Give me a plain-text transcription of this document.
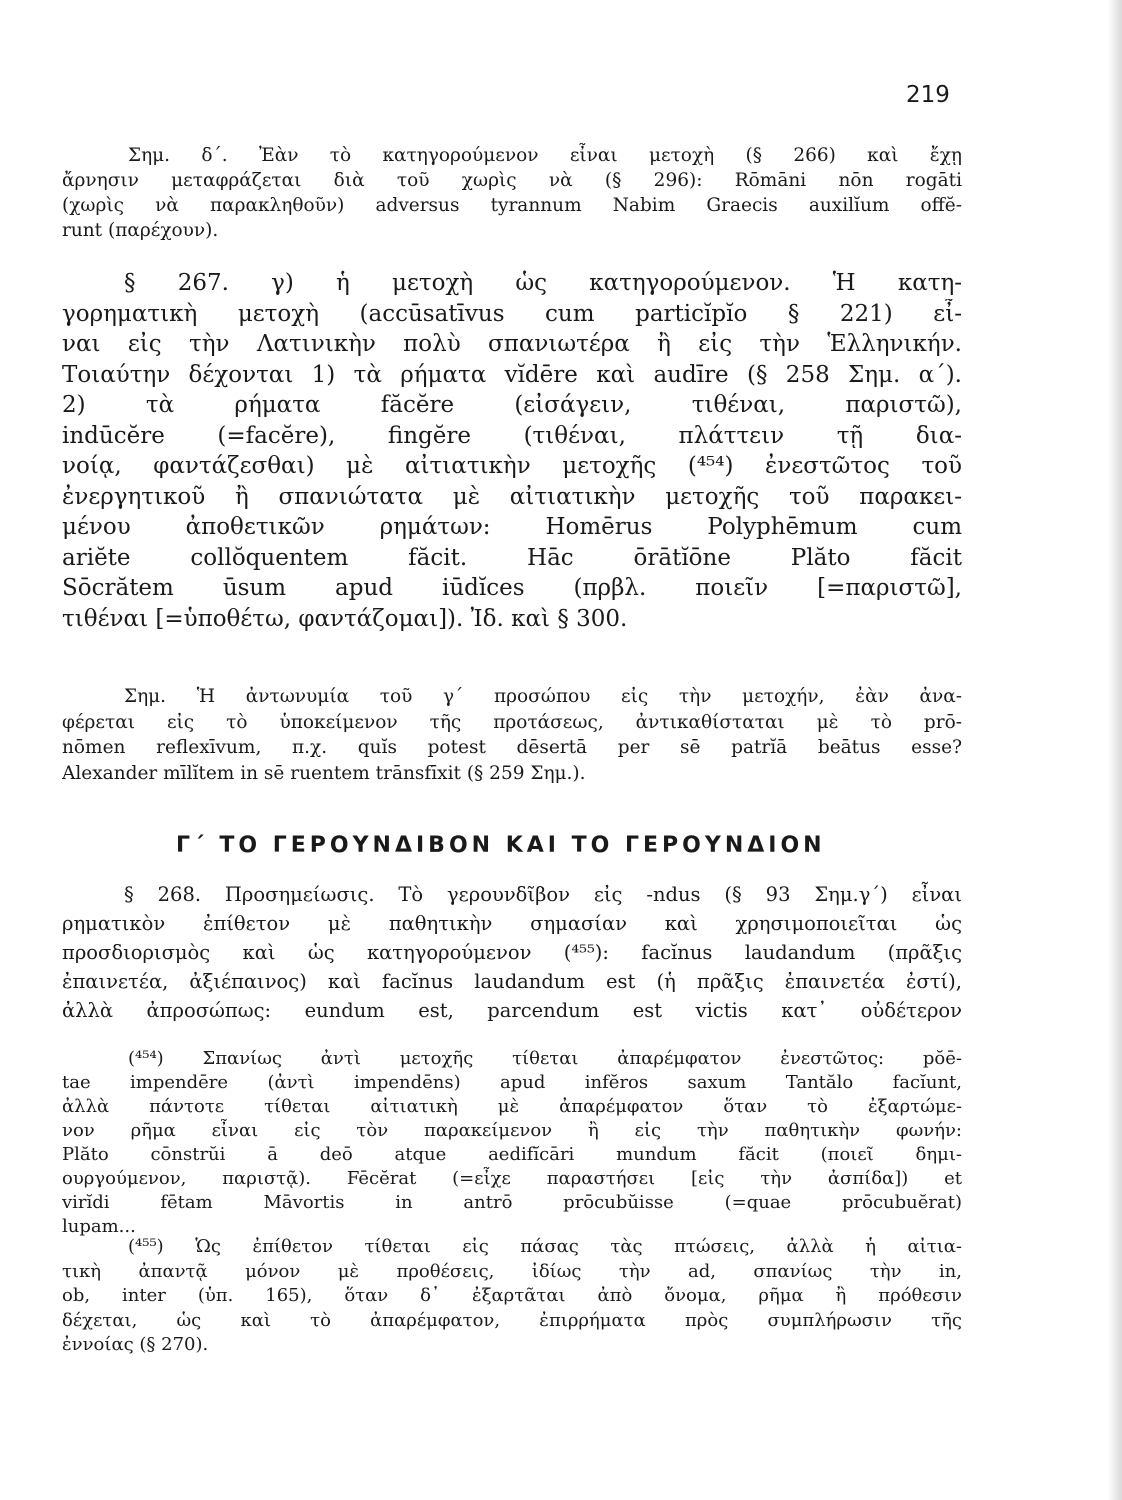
219
Σημ. δ΄. Ἐὰν τὸ κατηγορούμενον εἶναι μετοχὴ (§ 266) καὶ ἔχῃ
ἄρνησιν μεταφράζεται διὰ τοῦ χωρὶς νὰ (§ 296): Rōmāni nōn rogāti
(χωρὶς νὰ παρακληθοῦν) adversus tyrannum Nabim Graecis auxilĭum offĕ-
runt (παρέχουν).
§ 267. γ) ἡ μετοχὴ ὡς κατηγορούμενον. Ἡ κατη-
γορηματικὴ μετοχὴ (accūsatīvus cum particĭpĭo § 221) εἶ-
ναι εἰς τὴν Λατινικὴν πολὺ σπανιωτέρα ἢ εἰς τὴν Ἑλληνικήν.
Τοιαύτην δέχονται 1) τὰ ρήματα vĭdēre καὶ audīre (§ 258 Σημ. α΄).
2) τὰ ρήματα făcĕre (εἰσάγειν, τιθέναι, παριστῶ),
indūcĕre (=facĕre), fingĕre (τιθέναι, πλάττειν τῇ δια-
νοίᾳ, φαντάζεσθαι) μὲ αἰτιατικὴν μετοχῆς (⁴⁵⁴) ἐνεστῶτος τοῦ
ἐνεργητικοῦ ἢ σπανιώτατα μὲ αἰτιατικὴν μετοχῆς τοῦ παρακει-
μένου ἀποθετικῶν ρημάτων: Homērus Polyphēmum cum
ariĕte collŏquentem făcit. Hāc ōrātĭōne Plăto făcit
Sōcrătem ūsum apud iūdĭces (πρβλ. ποιεῖν [=παριστῶ],
τιθέναι [=ὑποθέτω, φαντάζομαι]). Ἰδ. καὶ § 300.
Σημ. Ἡ ἀντωνυμία τοῦ γ΄ προσώπου εἰς τὴν μετοχήν, ἐὰν ἀνα-
φέρεται εἰς τὸ ὑποκείμενον τῆς προτάσεως, ἀντικαθίσταται μὲ τὸ prō-
nōmen reflexīvum, π.χ. quĭs potest dēsertā per sē patrĭā beātus esse?
Alexander mīlĭtem in sē ruentem trānsfīxit (§ 259 Σημ.).
Γ΄ ΤΟ ΓΕΡΟΥΝΔΙΒΟΝ ΚΑΙ ΤΟ ΓΕΡΟΥΝΔΙΟΝ
§ 268. Προσημείωσις. Τὸ γερουνδῖβον εἰς -ndus (§ 93 Σημ.γ΄) εἶναι
ρηματικὸν ἐπίθετον μὲ παθητικὴν σημασίαν καὶ χρησιμοποιεῖται ὡς
προσδιορισμὸς καὶ ὡς κατηγορούμενον (⁴⁵⁵): facĭnus laudandum (πρᾶξις
ἐπαινετέα, ἀξιέπαινος) καὶ facĭnus laudandum est (ἡ πρᾶξις ἐπαινετέα ἐστί),
ἀλλὰ ἀπροσώπως: eundum est, parcendum est victis κατ᾽ οὐδέτερον
(⁴⁵⁴) Σπανίως ἀντὶ μετοχῆς τίθεται ἀπαρέμφατον ἐνεστῶτος: pŏē-
tae impendēre (ἀντὶ impendēns) apud infĕros saxum Tantălo facĭunt,
ἀλλὰ πάντοτε τίθεται αἰτιατικὴ μὲ ἀπαρέμφατον ὅταν τὸ ἐξαρτώμε-
νον ρῆμα εἶναι εἰς τὸν παρακείμενον ἢ εἰς τὴν παθητικὴν φωνήν:
Plăto cōnstrŭi ā deō atque aedifĭcāri mundum făcit (ποιεῖ δημι-
ουργούμενον, παριστᾷ). Fēcĕrat (=εἶχε παραστήσει [εἰς τὴν ἀσπίδα]) et
virĭdi fētam Māvortis in antrō prōcubŭisse (=quae prōcubuĕrat)
lupam...
(⁴⁵⁵) Ὡς ἐπίθετον τίθεται εἰς πάσας τὰς πτώσεις, ἀλλὰ ἡ αἰτια-
τικὴ ἀπαντᾷ μόνον μὲ προθέσεις, ἰδίως τὴν ad, σπανίως τὴν in,
ob, inter (ὑπ. 165), ὅταν δ᾽ ἐξαρτᾶται ἀπὸ ὄνομα, ρῆμα ἢ πρόθεσιν
δέχεται, ὡς καὶ τὸ ἀπαρέμφατον, ἐπιρρήματα πρὸς συμπλήρωσιν τῆς
ἐννοίας (§ 270).
